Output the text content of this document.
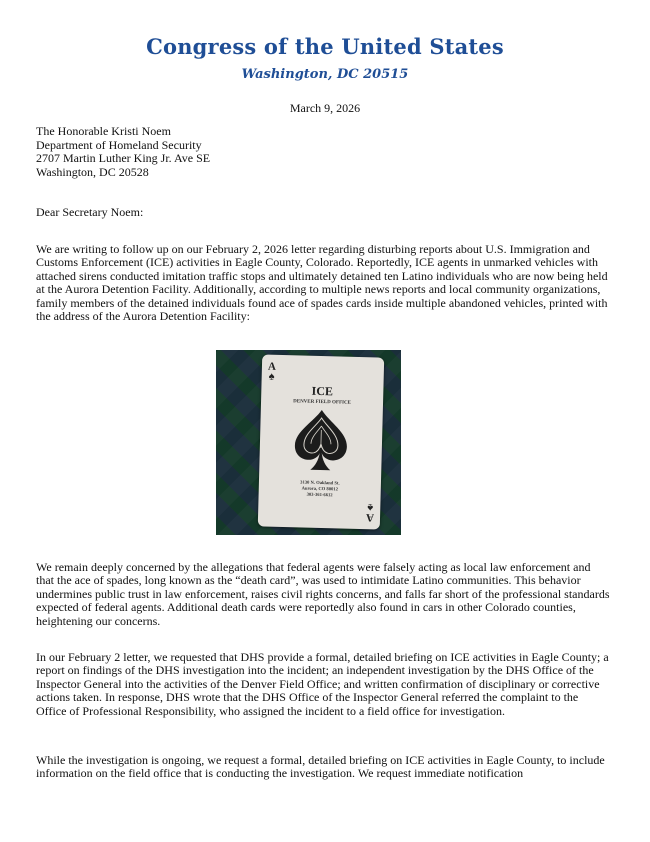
Congress of the United States
Washington, DC 20515
March 9, 2026
The Honorable Kristi Noem
Department of Homeland Security
2707 Martin Luther King Jr. Ave SE
Washington, DC 20528
Dear Secretary Noem:

We are writing to follow up on our February 2, 2026 letter regarding disturbing reports about U.S. Immigration and Customs Enforcement (ICE) activities in Eagle County, Colorado. Reportedly, ICE agents in unmarked vehicles with attached sirens conducted imitation traffic stops and ultimately detained ten Latino individuals who are now being held at the Aurora Detention Facility. Additionally, according to multiple news reports and local community organizations, family members of the detained individuals found ace of spades cards inside multiple abandoned vehicles, printed with the address of the Aurora Detention Facility:

A
♠
ICE
DENVER FIELD OFFICE
3130 N. Oakland St.
Aurora, CO 80012
303-361-6612
A
♠

We remain deeply concerned by the allegations that federal agents were falsely acting as local law enforcement and that the ace of spades, long known as the “death card”, was used to intimidate Latino communities. This behavior undermines public trust in law enforcement, raises civil rights concerns, and falls far short of the professional standards expected of federal agents. Additional death cards were reportedly also found in cars in other Colorado counties, heightening our concerns.

In our February 2 letter, we requested that DHS provide a formal, detailed briefing on ICE activities in Eagle County; a report on findings of the DHS investigation into the incident; an independent investigation by the DHS Office of the Inspector General into the activities of the Denver Field Office; and written confirmation of disciplinary or corrective actions taken. In response, DHS wrote that the DHS Office of the Inspector General referred the complaint to the Office of Professional Responsibility, who assigned the incident to a field office for investigation.

While the investigation is ongoing, we request a formal, detailed briefing on ICE activities in Eagle County, to include information on the field office that is conducting the investigation. We request immediate notification
